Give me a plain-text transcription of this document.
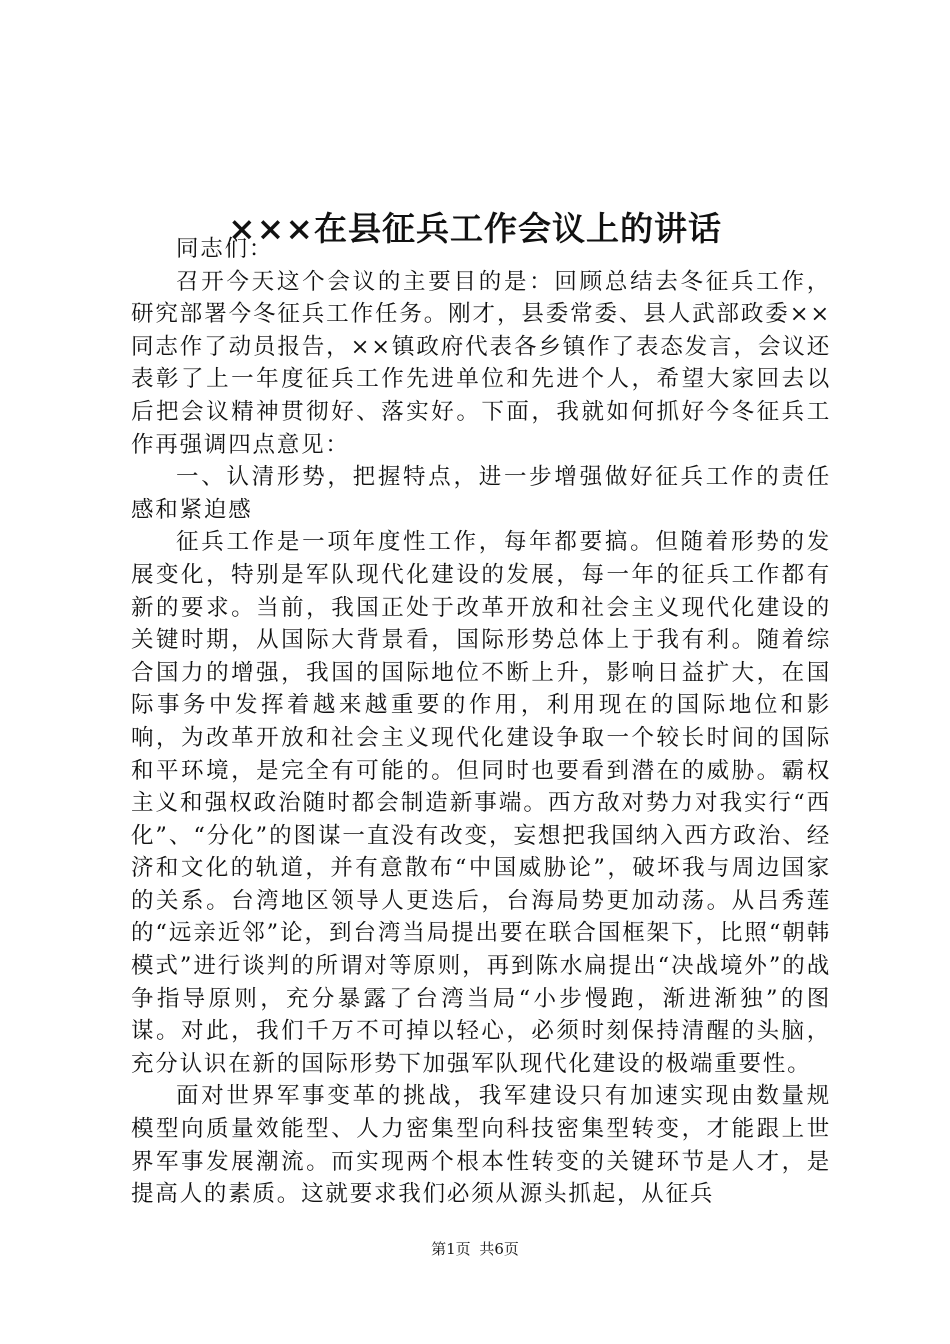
×××在县征兵工作会议上的讲话

同志们：

召开今天这个会议的主要目的是：回顾总结去冬征兵工作，研究部署今冬征兵工作任务。刚才，县委常委、县人武部政委××同志作了动员报告，××镇政府代表各乡镇作了表态发言，会议还表彰了上一年度征兵工作先进单位和先进个人，希望大家回去以后把会议精神贯彻好、落实好。下面，我就如何抓好今冬征兵工作再强调四点意见：

一、认清形势，把握特点，进一步增强做好征兵工作的责任感和紧迫感

征兵工作是一项年度性工作，每年都要搞。但随着形势的发展变化，特别是军队现代化建设的发展，每一年的征兵工作都有新的要求。当前，我国正处于改革开放和社会主义现代化建设的关键时期，从国际大背景看，国际形势总体上于我有利。随着综合国力的增强，我国的国际地位不断上升，影响日益扩大，在国际事务中发挥着越来越重要的作用，利用现在的国际地位和影响，为改革开放和社会主义现代化建设争取一个较长时间的国际和平环境，是完全有可能的。但同时也要看到潜在的威胁。霸权主义和强权政治随时都会制造新事端。西方敌对势力对我实行“西化”、“分化”的图谋一直没有改变，妄想把我国纳入西方政治、经济和文化的轨道，并有意散布“中国威胁论”，破坏我与周边国家的关系。台湾地区领导人更迭后，台海局势更加动荡。从吕秀莲的“远亲近邻”论，到台湾当局提出要在联合国框架下，比照“朝韩模式”进行谈判的所谓对等原则，再到陈水扁提出“决战境外”的战争指导原则，充分暴露了台湾当局“小步慢跑，渐进渐独”的图谋。对此，我们千万不可掉以轻心，必须时刻保持清醒的头脑，充分认识在新的国际形势下加强军队现代化建设的极端重要性。

面对世界军事变革的挑战，我军建设只有加速实现由数量规模型向质量效能型、人力密集型向科技密集型转变，才能跟上世界军事发展潮流。而实现两个根本性转变的关键环节是人才，是提高人的素质。这就要求我们必须从源头抓起，从征兵

第1页 共6页
